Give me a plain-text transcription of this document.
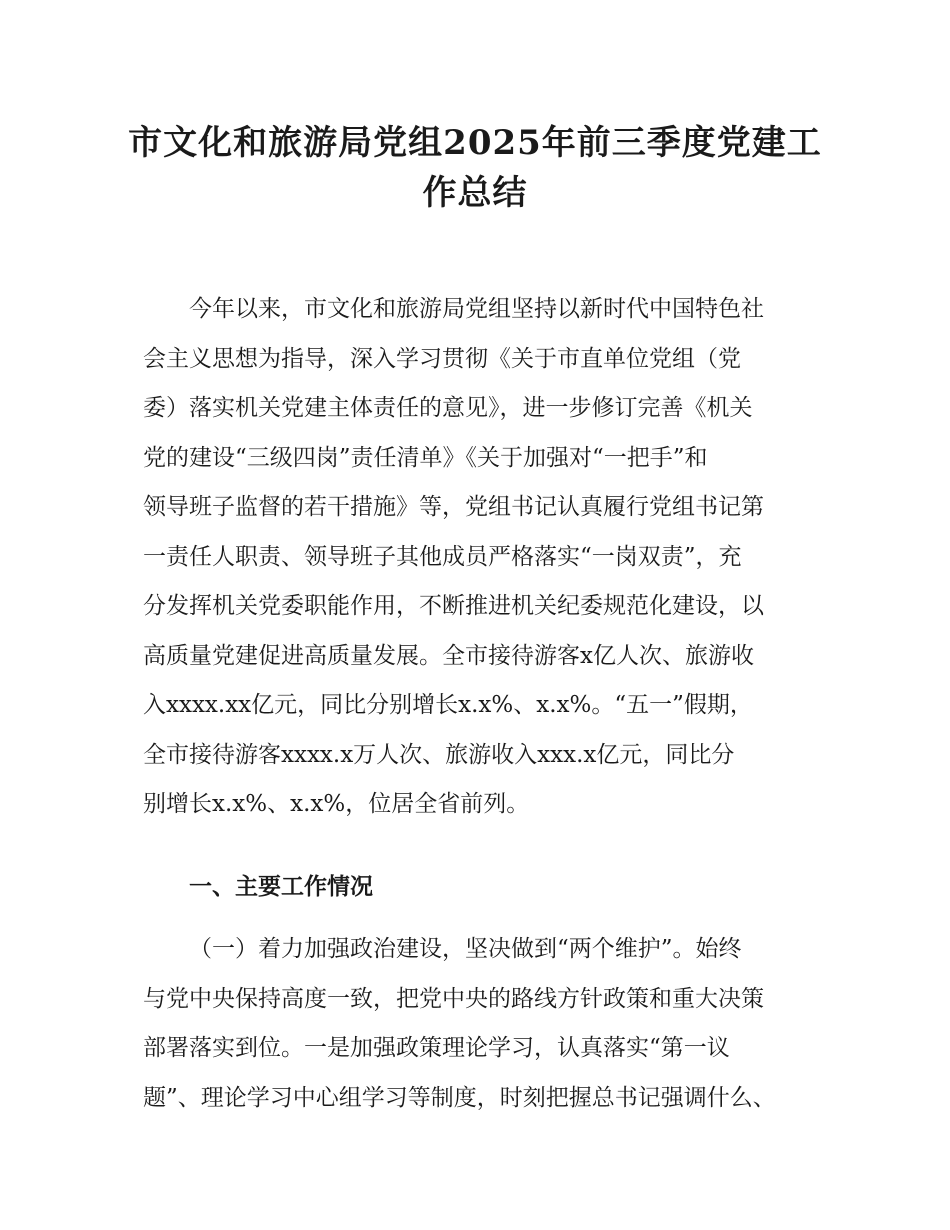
市文化和旅游局党组2025年前三季度党建工
作总结

今年以来，市文化和旅游局党组坚持以新时代中国特色社
会主义思想为指导，深入学习贯彻《关于市直单位党组（党
委）落实机关党建主体责任的意见》，进一步修订完善《机关
党的建设“三级四岗”责任清单》《关于加强对“一把手”和
领导班子监督的若干措施》等，党组书记认真履行党组书记第
一责任人职责、领导班子其他成员严格落实“一岗双责”，充
分发挥机关党委职能作用，不断推进机关纪委规范化建设，以
高质量党建促进高质量发展。全市接待游客x亿人次、旅游收
入xxxx.xx亿元，同比分别增长x.x%、x.x%。“五一”假期，
全市接待游客xxxx.x万人次、旅游收入xxx.x亿元，同比分
别增长x.x%、x.x%，位居全省前列。

一、主要工作情况

（一）着力加强政治建设，坚决做到“两个维护”。始终
与党中央保持高度一致，把党中央的路线方针政策和重大决策
部署落实到位。一是加强政策理论学习，认真落实“第一议
题”、理论学习中心组学习等制度，时刻把握总书记强调什么、
